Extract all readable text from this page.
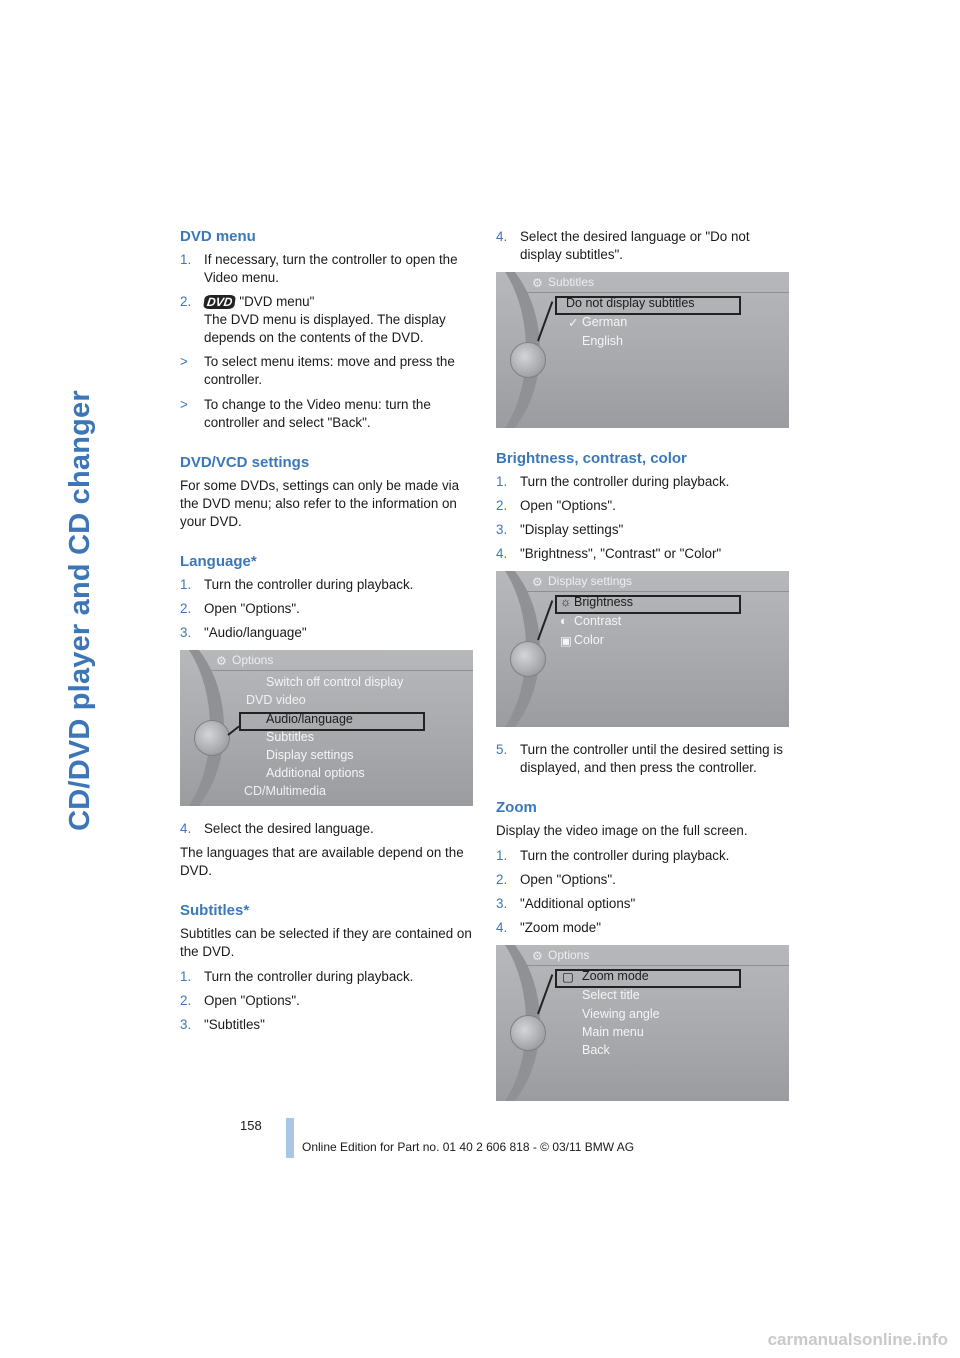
CD/DVD player and CD changer
DVD menu
1. If necessary, turn the controller to open the Video menu.
2.	DVD "DVD menu"
The DVD menu is displayed. The display depends on the contents of the DVD.
>	To select menu items: move and press the controller.
>	To change to the Video menu: turn the controller and select "Back".
DVD/VCD settings

For some DVDs, settings can only be made via the DVD menu; also refer to the information on your DVD.

Language*
1. Turn the controller during playback.
2. Open "Options".
3. "Audio/language"
⚙ Options
Switch off control display
DVD video
Audio/language
Subtitles
Display settings
Additional options
CD/Multimedia
4. Select the desired language.

The languages that are available depend on the DVD.

Subtitles*

Subtitles can be selected if they are contained on the DVD.

1. Turn the controller during playback.
2. Open "Options".
3. "Subtitles"
4. Select the desired language or "Do not display subtitles".
⚙ Subtitles
Do not display subtitles
✓ German
English
Brightness, contrast, color
1. Turn the controller during playback.
2. Open "Options".
3. "Display settings"
4. "Brightness", "Contrast" or "Color"
⚙ Display settings
☼ Brightness
◐ Contrast
▣ Color
5. Turn the controller until the desired setting is displayed, and then press the controller.
Zoom

Display the video image on the full screen.

1. Turn the controller during playback.
2. Open "Options".
3. "Additional options"
4. "Zoom mode"
⚙ Options
▢ Zoom mode
Select title
Viewing angle
Main menu
Back
158
Online Edition for Part no. 01 40 2 606 818 - © 03/11 BMW AG
carmanualsonline.info
